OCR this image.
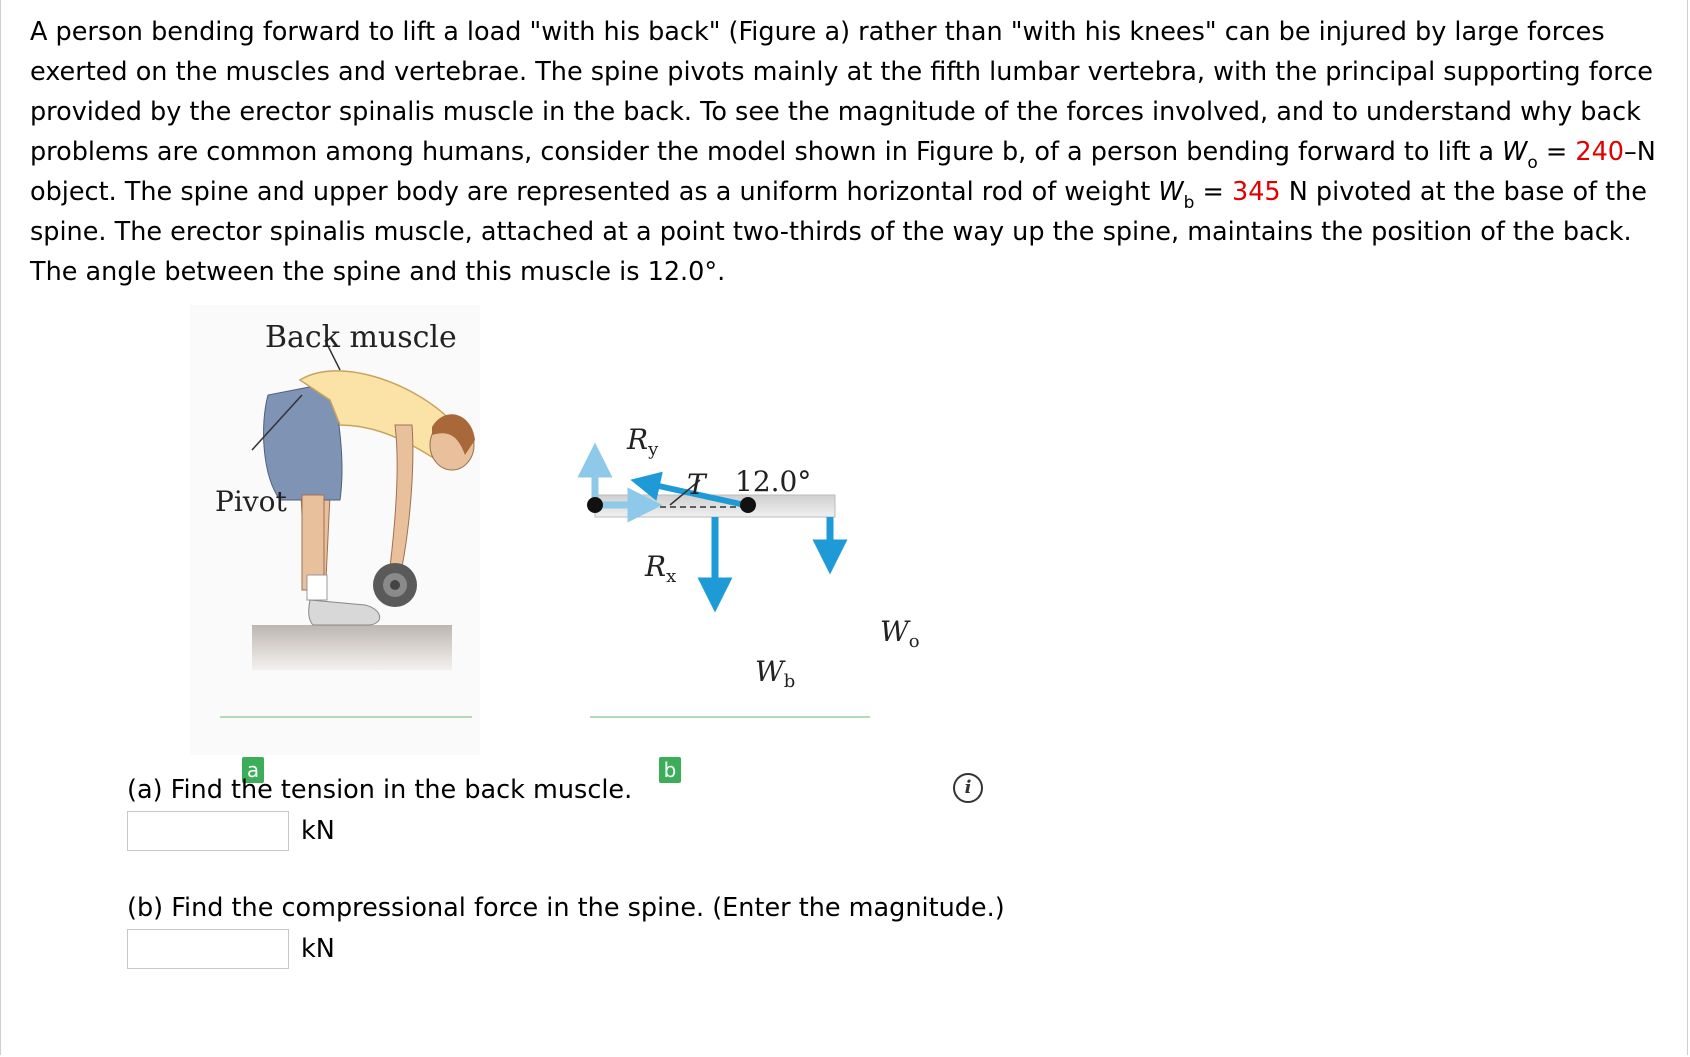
A person bending forward to lift a load "with his back" (Figure a) rather than "with his knees" can be injured by large forces exerted on the muscles and vertebrae. The spine pivots mainly at the fifth lumbar vertebra, with the principal supporting force provided by the erector spinalis muscle in the back. To see the magnitude of the forces involved, and to understand why back problems are common among humans, consider the model shown in Figure b, of a person bending forward to lift a $W_o = 240-N$ object. The spine and upper body are represented as a uniform horizontal rod of weight $W_b = 345$ N pivoted at the base of the spine. The erector spinalis muscle, attached at a point two-thirds of the way up the spine, maintains the position of the back. The angle between the spine and this muscle is 12.0°.

Back muscle
Pivot
$R_y$
T 12.0°
$R_x$
$W_b$
$W_o$
a	b
i
(a) Find the tension in the back muscle.
kN
(b) Find the compressional force in the spine. (Enter the magnitude.)
kN
